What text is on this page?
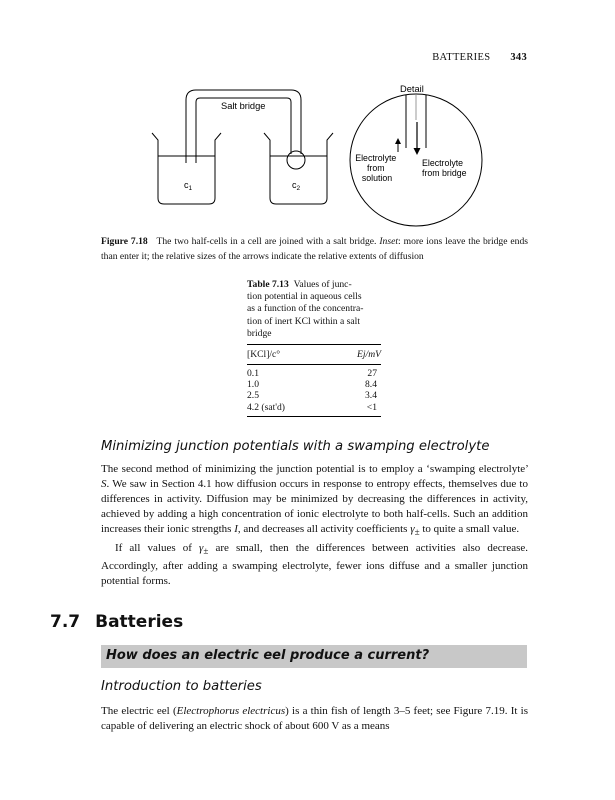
BATTERIES 343
Salt bridge
$c_1$	$c_2$
Detail
Electrolyte from solution
Electrolyte from bridge
Figure 7.18 The two half-cells in a cell are joined with a salt bridge. Inset: more ions leave the bridge ends than enter it; the relative sizes of the arrows indicate the relative extents of diffusion
Table 7.13 Values of junc-
tion potential in aqueous cells
as a function of the concentra-
tion of inert KCl within a salt
bridge
[KCl]/c°	Ej/mV
0.1	27
1.0	8.4
2.5	3.4
4.2 (sat'd)	<1
Minimizing junction potentials with a swamping electrolyte

The second method of minimizing the junction potential is to employ a ‘swamping electrolyte’ S. We saw in Section 4.1 how diffusion occurs in response to entropy effects, themselves due to differences in activity. Diffusion may be minimized by decreasing the differences in activity, achieved by adding a high concentration of ionic electrolyte to both half-cells. Such an addition increases their ionic strengths I, and decreases all activity coefficients $\gamma_\pm$ to quite a small value.

If all values of $\gamma_\pm$ are small, then the differences between activities also decrease. Accordingly, after adding a swamping electrolyte, fewer ions diffuse and a smaller junction potential forms.

7.7 Batteries
How does an electric eel produce a current?
Introduction to batteries

The electric eel (Electrophorus electricus) is a thin fish of length 3–5 feet; see Figure 7.19. It is capable of delivering an electric shock of about 600 V as a means
